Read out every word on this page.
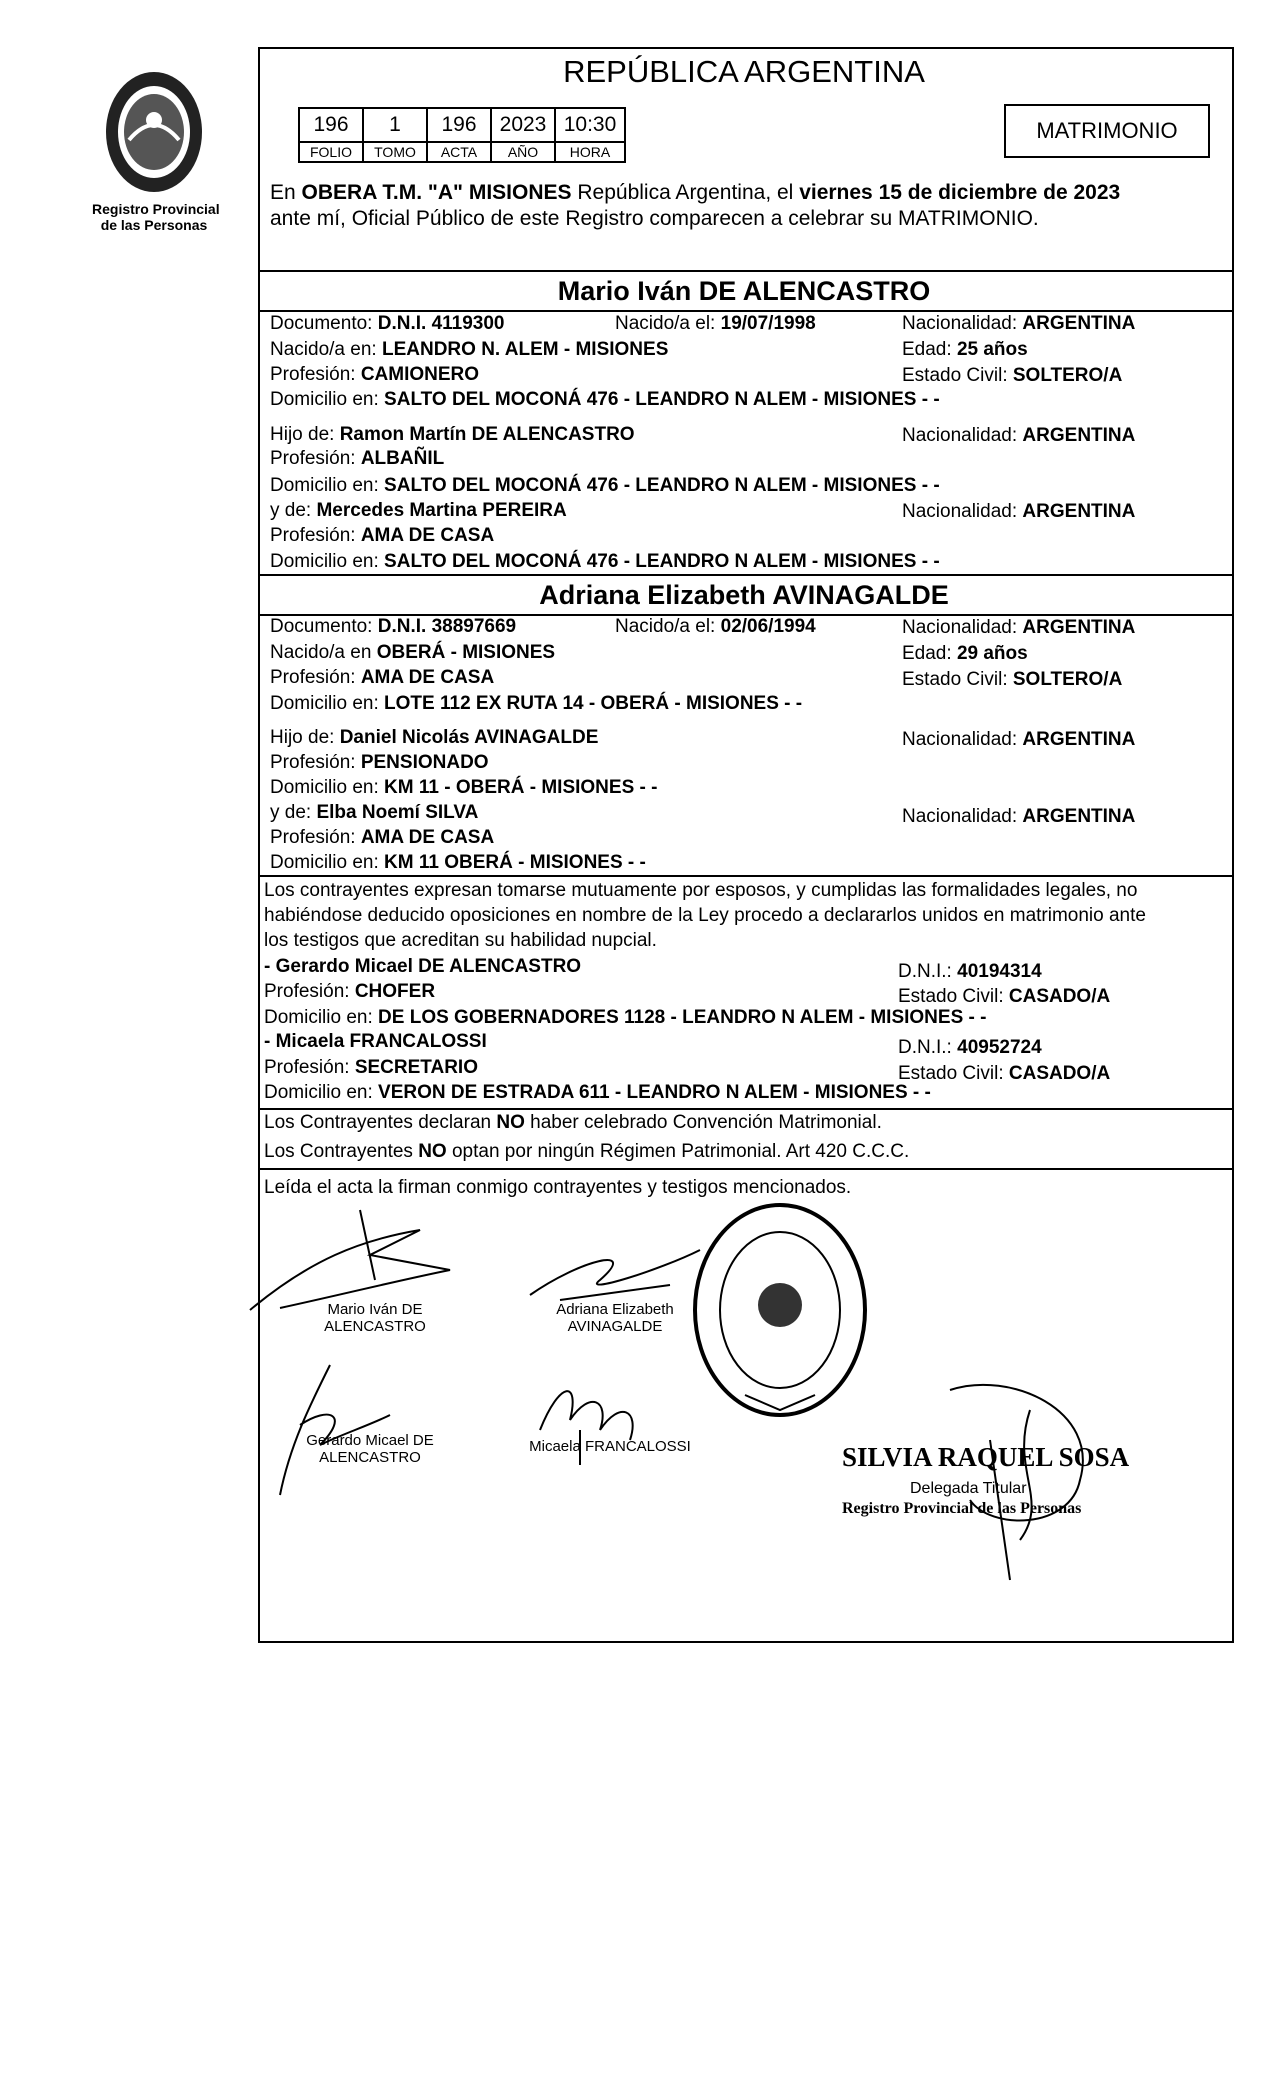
Registro Provincial
de las Personas
REPÚBLICA ARGENTINA
196	1	196	2023	10:30
FOLIO	TOMO	ACTA	AÑO	HORA
MATRIMONIO
En OBERA T.M. "A" MISIONES República Argentina, el viernes 15 de diciembre de 2023
ante mí, Oficial Público de este Registro comparecen a celebrar su MATRIMONIO.
Mario Iván DE ALENCASTRO
Documento: D.N.I. 4119300	Nacido/a el: 19/07/1998	Nacionalidad: ARGENTINA
Nacido/a en: LEANDRO N. ALEM - MISIONES	Edad: 25 años
Profesión: CAMIONERO	Estado Civil: SOLTERO/A
Domicilio en: SALTO DEL MOCONÁ 476 - LEANDRO N ALEM - MISIONES - -
Hijo de: Ramon Martín DE ALENCASTRO	Nacionalidad: ARGENTINA
Profesión: ALBAÑIL
Domicilio en: SALTO DEL MOCONÁ 476 - LEANDRO N ALEM - MISIONES - -
y de: Mercedes Martina PEREIRA	Nacionalidad: ARGENTINA
Profesión: AMA DE CASA
Domicilio en: SALTO DEL MOCONÁ 476 - LEANDRO N ALEM - MISIONES - -
Adriana Elizabeth AVINAGALDE
Documento: D.N.I. 38897669	Nacido/a el: 02/06/1994	Nacionalidad: ARGENTINA
Nacido/a en OBERÁ - MISIONES	Edad: 29 años
Profesión: AMA DE CASA	Estado Civil: SOLTERO/A
Domicilio en: LOTE 112 EX RUTA 14 - OBERÁ - MISIONES - -
Hijo de: Daniel Nicolás AVINAGALDE	Nacionalidad: ARGENTINA
Profesión: PENSIONADO
Domicilio en: KM 11 - OBERÁ - MISIONES - -
y de: Elba Noemí SILVA	Nacionalidad: ARGENTINA
Profesión: AMA DE CASA
Domicilio en: KM 11 OBERÁ - MISIONES - -
Los contrayentes expresan tomarse mutuamente por esposos, y cumplidas las formalidades legales, no
habiéndose deducido oposiciones en nombre de la Ley procedo a declararlos unidos en matrimonio ante
los testigos que acreditan su habilidad nupcial.
- Gerardo Micael DE ALENCASTRO	D.N.I.: 40194314
Profesión: CHOFER	Estado Civil: CASADO/A
Domicilio en: DE LOS GOBERNADORES 1128 - LEANDRO N ALEM - MISIONES - -
- Micaela FRANCALOSSI	D.N.I.: 40952724
Profesión: SECRETARIO	Estado Civil: CASADO/A
Domicilio en: VERON DE ESTRADA 611 - LEANDRO N ALEM - MISIONES - -
Los Contrayentes declaran NO haber celebrado Convención Matrimonial.
Los Contrayentes NO optan por ningún Régimen Patrimonial. Art 420 C.C.C.
Leída el acta la firman conmigo contrayentes y testigos mencionados.
Mario Iván DE
ALENCASTRO
Adriana Elizabeth
AVINAGALDE
Gerardo Micael DE
ALENCASTRO
Micaela FRANCALOSSI	SILVIA RAQUEL SOSA
Delegada Titular
Registro Provincial de las Personas
